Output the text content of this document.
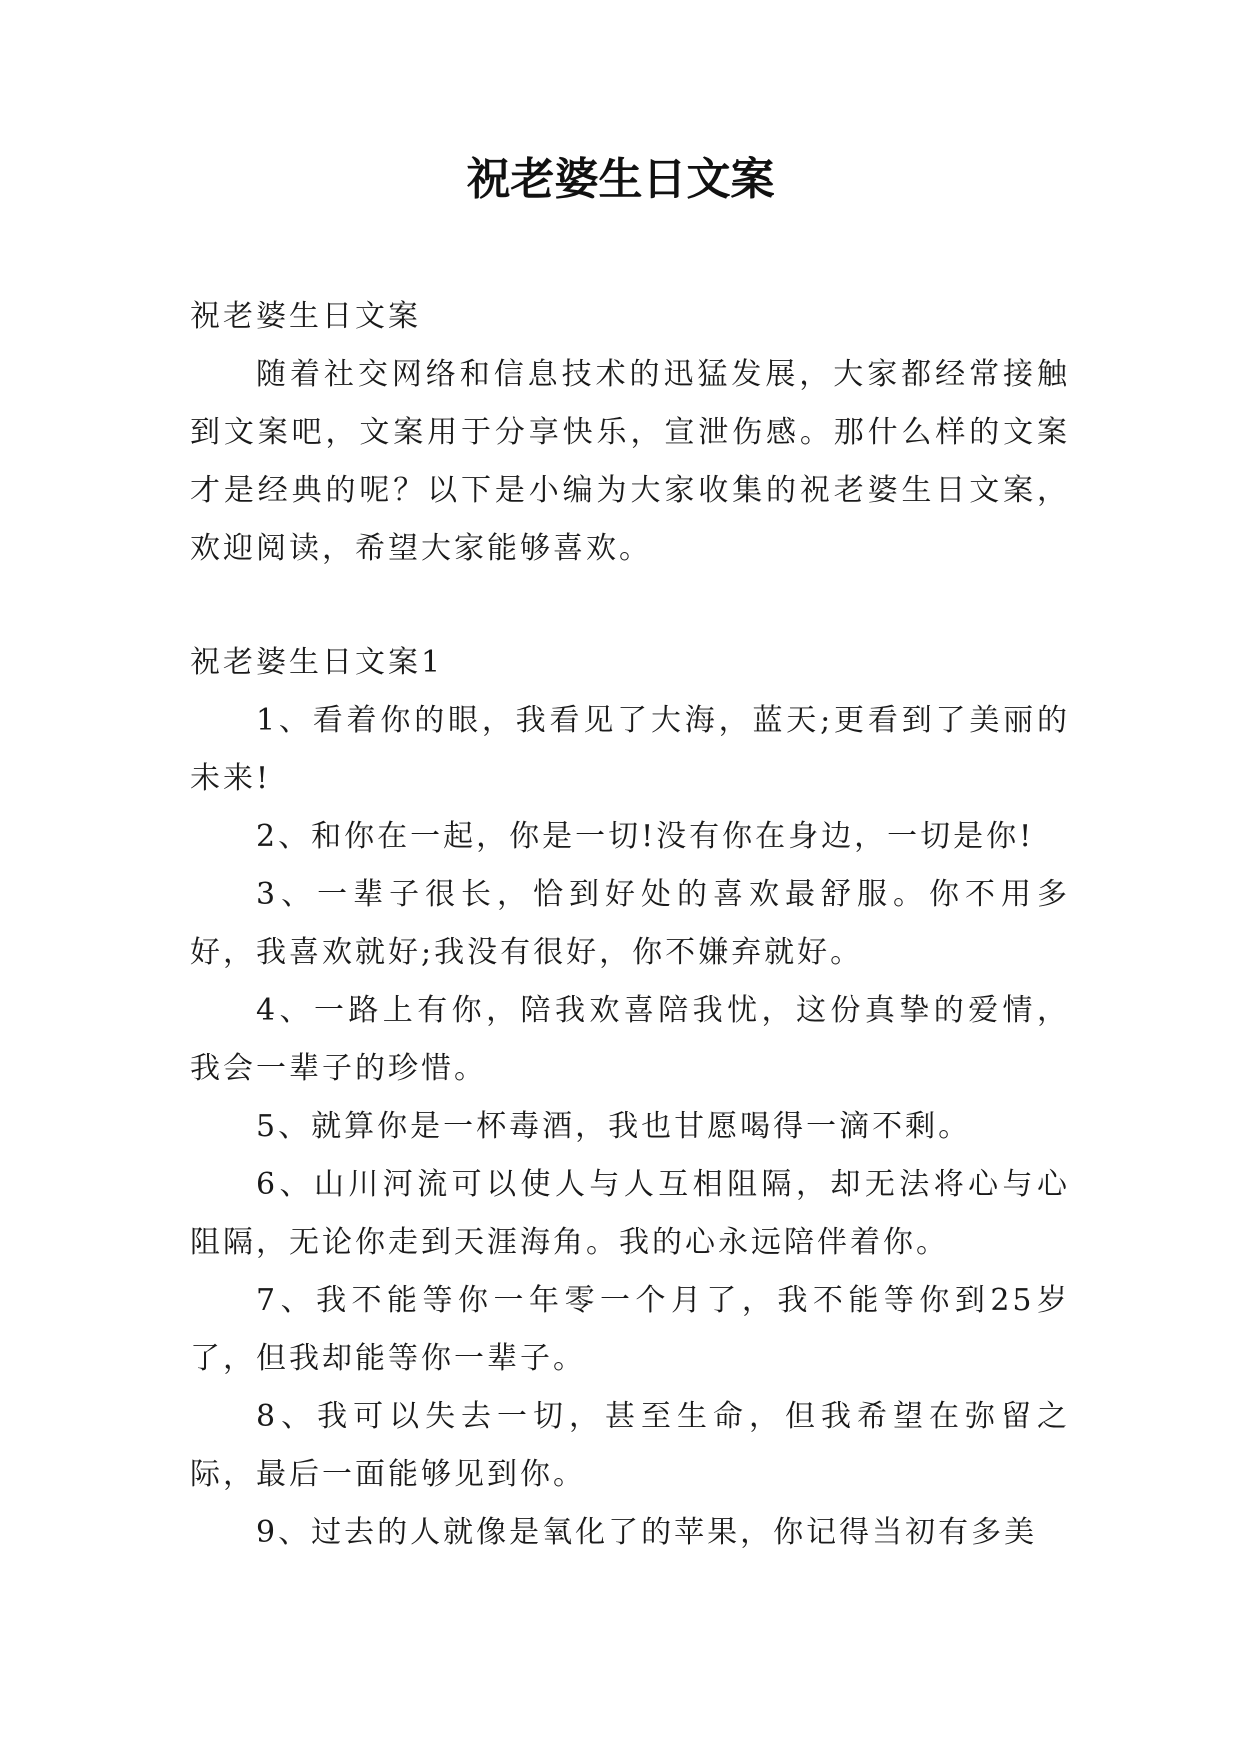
祝老婆生日文案

祝老婆生日文案

随着社交网络和信息技术的迅猛发展，大家都经常接触到文案吧，文案用于分享快乐，宣泄伤感。那什么样的文案才是经典的呢？以下是小编为大家收集的祝老婆生日文案，欢迎阅读，希望大家能够喜欢。

祝老婆生日文案1

1、看着你的眼，我看见了大海，蓝天;更看到了美丽的未来!

2、和你在一起，你是一切!没有你在身边，一切是你!

3、一辈子很长，恰到好处的喜欢最舒服。你不用多好，我喜欢就好;我没有很好，你不嫌弃就好。

4、一路上有你，陪我欢喜陪我忧，这份真挚的爱情，我会一辈子的珍惜。

5、就算你是一杯毒酒，我也甘愿喝得一滴不剩。

6、山川河流可以使人与人互相阻隔，却无法将心与心阻隔，无论你走到天涯海角。我的心永远陪伴着你。

7、我不能等你一年零一个月了，我不能等你到25岁了，但我却能等你一辈子。

8、我可以失去一切，甚至生命，但我希望在弥留之际，最后一面能够见到你。

9、过去的人就像是氧化了的苹果，你记得当初有多美
